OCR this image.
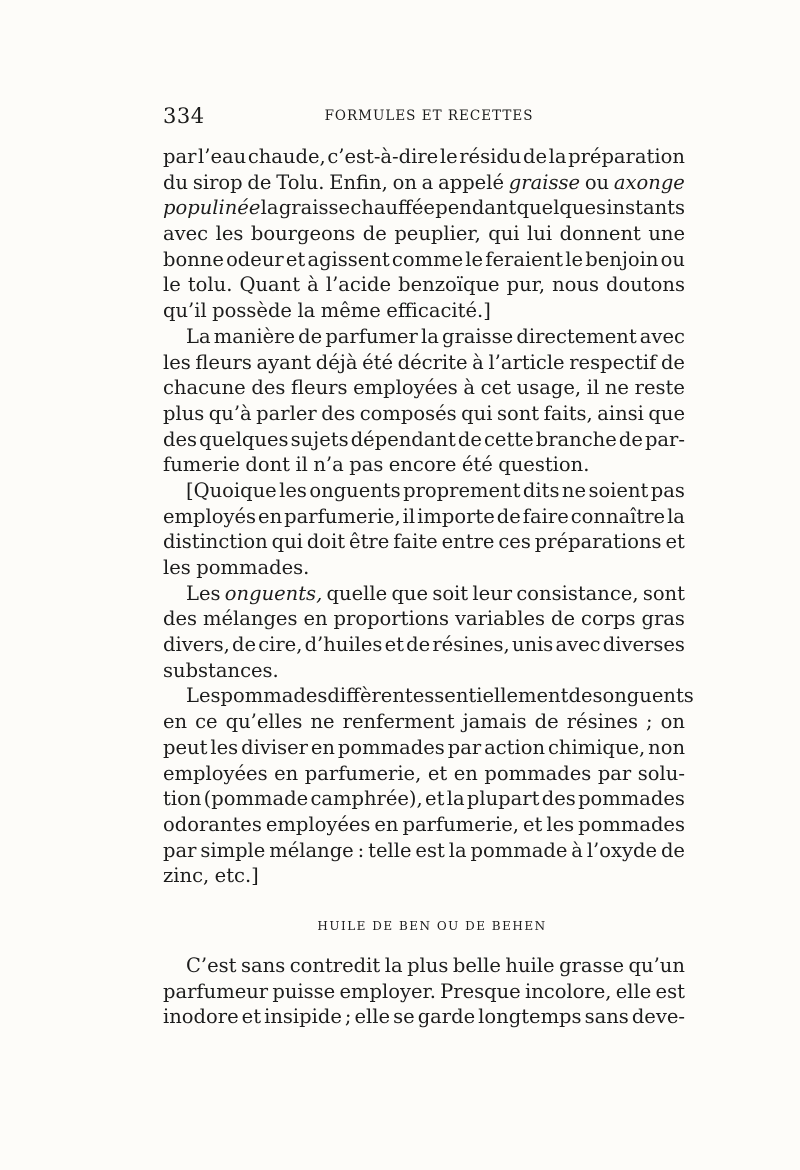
334	FORMULES ET RECETTES
par l’eau chaude, c’est-à-dire le résidu de la préparation
du sirop de Tolu. Enfin, on a appelé graisse ou axonge
populinée la graisse chauffée pendant quelques instants
avec les bourgeons de peuplier, qui lui donnent une
bonne odeur et agissent comme le feraient le benjoin ou
le tolu. Quant à l’acide benzoïque pur, nous doutons
qu’il possède la même efficacité.]
La manière de parfumer la graisse directement avec
les fleurs ayant déjà été décrite à l’article respectif de
chacune des fleurs employées à cet usage, il ne reste
plus qu’à parler des composés qui sont faits, ainsi que
des quelques sujets dépendant de cette branche de par-
fumerie dont il n’a pas encore été question.
[Quoique les onguents proprement dits ne soient pas
employés en parfumerie, il importe de faire connaître la
distinction qui doit être faite entre ces préparations et
les pommades.
Les onguents, quelle que soit leur consistance, sont
des mélanges en proportions variables de corps gras
divers, de cire, d’huiles et de résines, unis avec diverses
substances.
Les pommades diffèrent essentiellement des onguents
en ce qu’elles ne renferment jamais de résines ; on
peut les diviser en pommades par action chimique, non
employées en parfumerie, et en pommades par solu-
tion (pommade camphrée), et la plupart des pommades
odorantes employées en parfumerie, et les pommades
par simple mélange : telle est la pommade à l’oxyde de
zinc, etc.]
HUILE DE BEN OU DE BEHEN
C’est sans contredit la plus belle huile grasse qu’un
parfumeur puisse employer. Presque incolore, elle est
inodore et insipide ; elle se garde longtemps sans deve-
